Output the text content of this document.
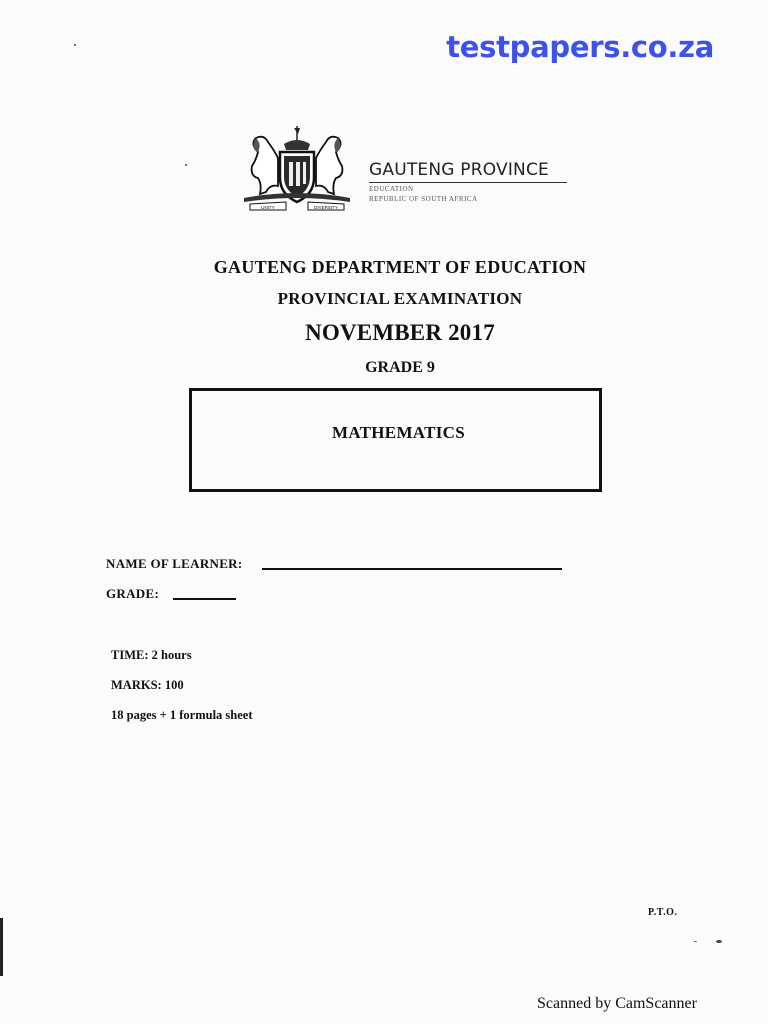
testpapers.co.za
UNITY	DIVERSITY
GAUTENG PROVINCE
EDUCATION
REPUBLIC OF SOUTH AFRICA
GAUTENG DEPARTMENT OF EDUCATION
PROVINCIAL EXAMINATION
NOVEMBER 2017
GRADE 9
MATHEMATICS
NAME OF LEARNER:
GRADE:
TIME: 2 hours
MARKS: 100
18 pages + 1 formula sheet
P.T.O.
Scanned by CamScanner
